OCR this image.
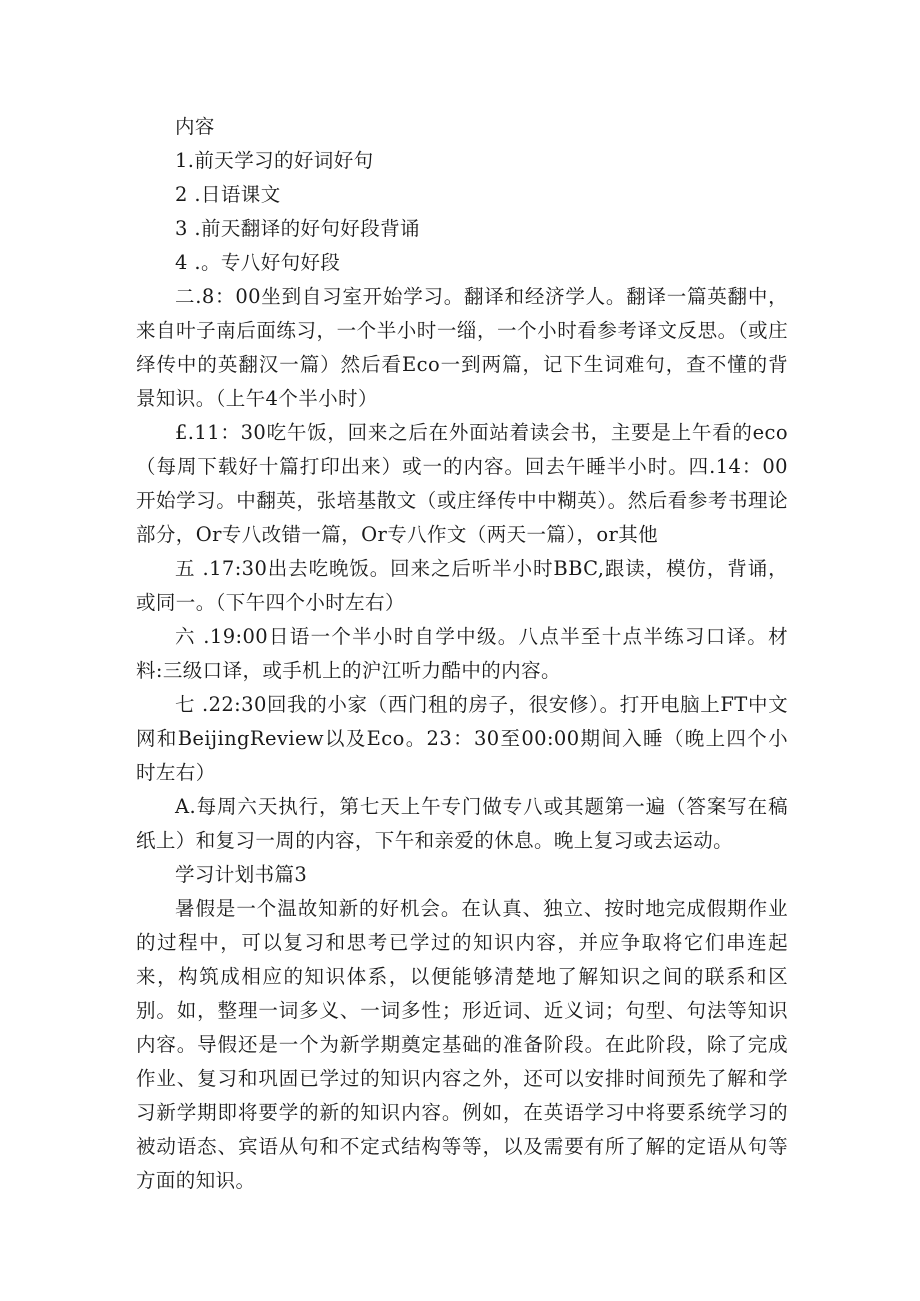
内容

1.前天学习的好词好句

2 .日语课文

3 .前天翻译的好句好段背诵

4 .。专八好句好段

二.8：00坐到自习室开始学习。翻译和经济学人。翻译一篇英翻中，来自叶子南后面练习，一个半小时一缁，一个小时看参考译文反思。（或庄绎传中的英翻汉一篇）然后看Eco一到两篇，记下生词难句，查不懂的背景知识。（上午4个半小时）

£.11：30吃午饭，回来之后在外面站着读会书，主要是上午看的eco（每周下载好十篇打印出来）或一的内容。回去午睡半小时。四.14：00开始学习。中翻英，张培基散文（或庄绎传中中糊英）。然后看参考书理论部分，Or专八改错一篇，Or专八作文（两天一篇），or其他

五 .17:30出去吃晚饭。回来之后听半小时BBC,跟读，模仿，背诵，或同一。（下午四个小时左右）

六 .19:00日语一个半小时自学中级。八点半至十点半练习口译。材料:三级口译，或手机上的沪江听力酷中的内容。

七 .22:30回我的小家（西门租的房子，很安修）。打开电脑上FT中文网和BeijingReview以及Eco。23：30至00:00期间入睡（晚上四个小时左右）

A.每周六天执行，第七天上午专门做专八或其题第一遍（答案写在稿纸上）和复习一周的内容，下午和亲爱的休息。晚上复习或去运动。

学习计划书篇3

暑假是一个温故知新的好机会。在认真、独立、按时地完成假期作业的过程中，可以复习和思考已学过的知识内容，并应争取将它们串连起来，构筑成相应的知识体系，以便能够清楚地了解知识之间的联系和区别。如，整理一词多义、一词多性；形近词、近义词；句型、句法等知识内容。导假还是一个为新学期奠定基础的准备阶段。在此阶段，除了完成作业、复习和巩固已学过的知识内容之外，还可以安排时间预先了解和学习新学期即将要学的新的知识内容。例如，在英语学习中将要系统学习的被动语态、宾语从句和不定式结构等等，以及需要有所了解的定语从句等方面的知识。
